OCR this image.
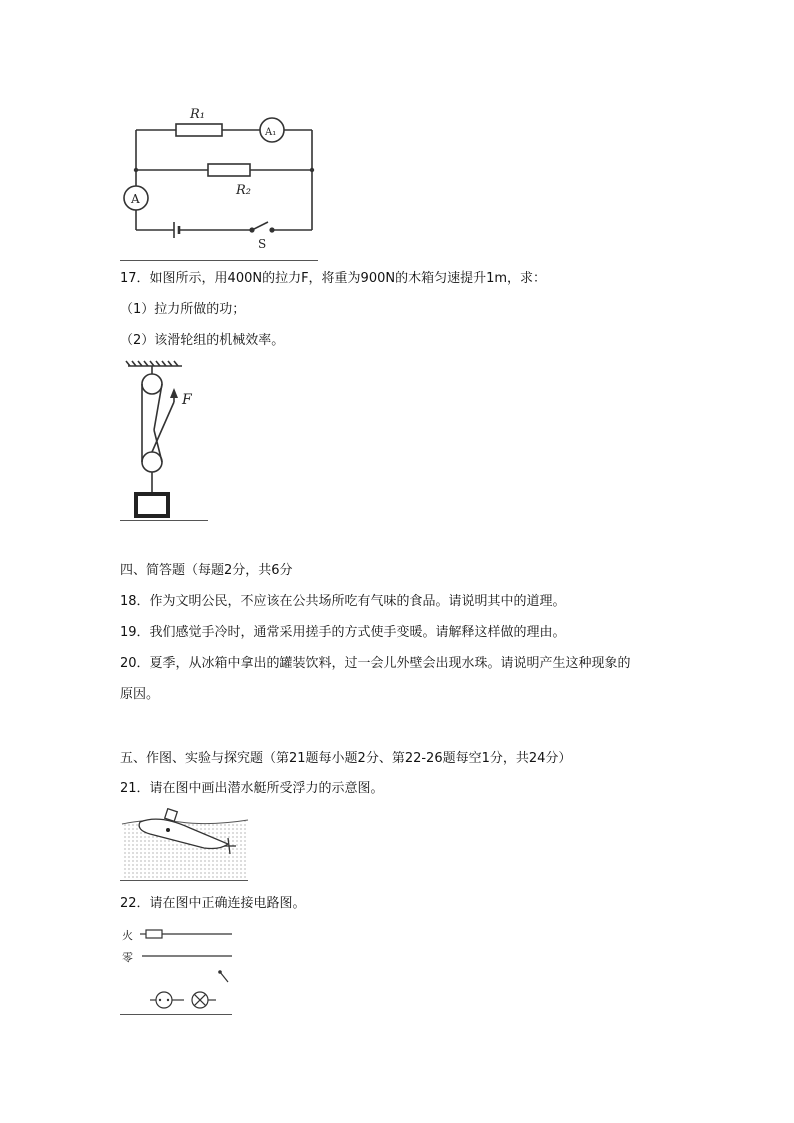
R₁
A₁
R₂
A
S
17．如图所示，用400N的拉力F，将重为900N的木箱匀速提升1m，求：
（1）拉力所做的功；
（2）该滑轮组的机械效率。
F
四、简答题（每题2分，共6分
18．作为文明公民，不应该在公共场所吃有气味的食品。请说明其中的道理。
19．我们感觉手冷时，通常采用搓手的方式使手变暖。请解释这样做的理由。
20．夏季，从冰箱中拿出的罐装饮料，过一会儿外壁会出现水珠。请说明产生这种现象的
原因。
五、作图、实验与探究题（第21题每小题2分、第22-26题每空1分，共24分）
21．请在图中画出潜水艇所受浮力的示意图。
22．请在图中正确连接电路图。
火
零
